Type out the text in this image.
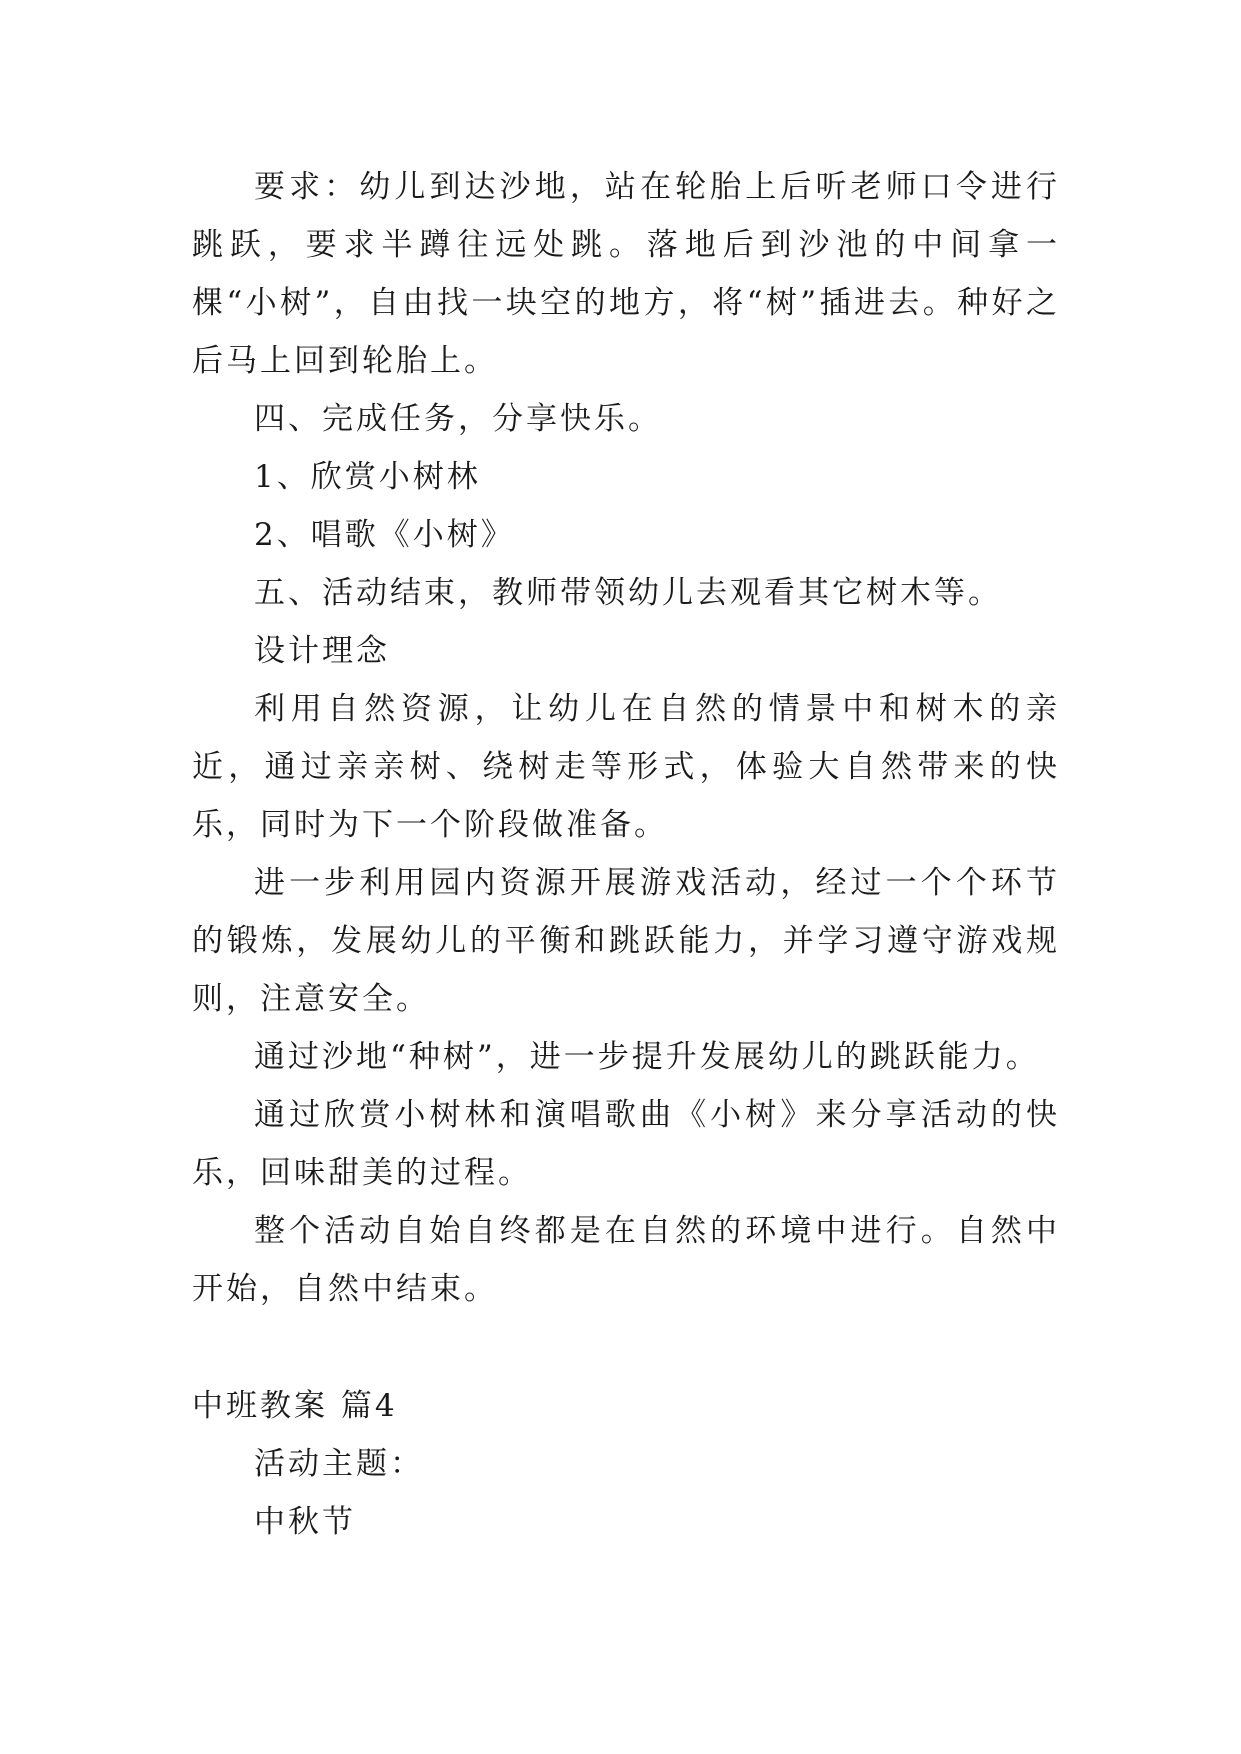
要求：幼儿到达沙地，站在轮胎上后听老师口令进行跳跃，要求半蹲往远处跳。落地后到沙池的中间拿一棵“小树”，自由找一块空的地方，将“树”插进去。种好之后马上回到轮胎上。

四、完成任务，分享快乐。

1、欣赏小树林

2、唱歌《小树》

五、活动结束，教师带领幼儿去观看其它树木等。

设计理念

利用自然资源，让幼儿在自然的情景中和树木的亲近，通过亲亲树、绕树走等形式，体验大自然带来的快乐，同时为下一个阶段做准备。

进一步利用园内资源开展游戏活动，经过一个个环节的锻炼，发展幼儿的平衡和跳跃能力，并学习遵守游戏规则，注意安全。

通过沙地“种树”，进一步提升发展幼儿的跳跃能力。

通过欣赏小树林和演唱歌曲《小树》来分享活动的快乐，回味甜美的过程。

整个活动自始自终都是在自然的环境中进行。自然中开始，自然中结束。

中班教案 篇4

活动主题：

中秋节
